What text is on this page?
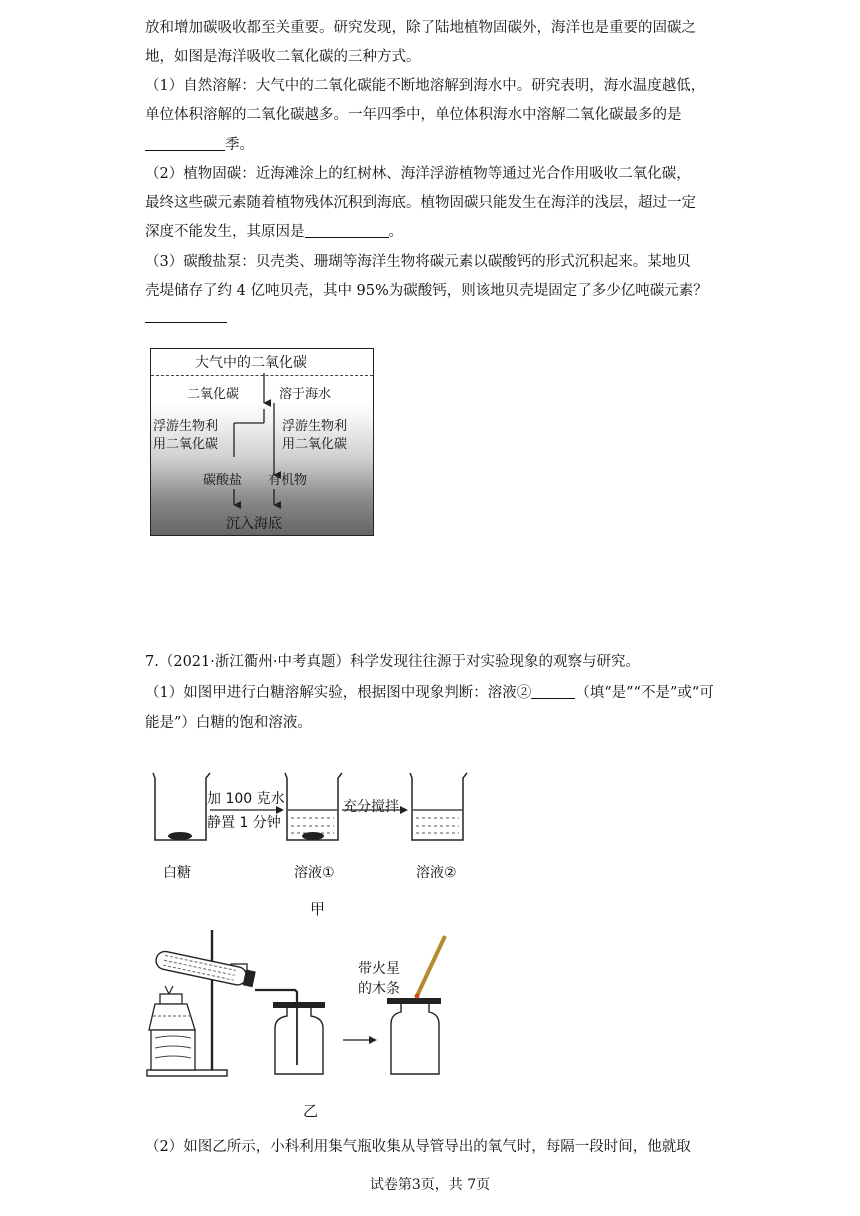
放和增加碳吸收都至关重要。研究发现，除了陆地植物固碳外，海洋也是重要的固碳之
地，如图是海洋吸收二氧化碳的三种方式。
（1）自然溶解：大气中的二氧化碳能不断地溶解到海水中。研究表明，海水温度越低，
单位体积溶解的二氧化碳越多。一年四季中，单位体积海水中溶解二氧化碳最多的是
季。
（2）植物固碳：近海滩涂上的红树林、海洋浮游植物等通过光合作用吸收二氧化碳，
最终这些碳元素随着植物残体沉积到海底。植物固碳只能发生在海洋的浅层，超过一定
深度不能发生，其原因是	。
（3）碳酸盐泵：贝壳类、珊瑚等海洋生物将碳元素以碳酸钙的形式沉积起来。某地贝
壳堤储存了约 4 亿吨贝壳，其中 95%为碳酸钙，则该地贝壳堤固定了多少亿吨碳元素？
大气中的二氧化碳
二氧化碳	溶于海水
浮游生物利
用二氧化碳
浮游生物利
用二氧化碳
碳酸盐 有机物
沉入海底
7.（2021·浙江衢州·中考真题）科学发现往往源于对实验现象的观察与研究。
（1）如图甲进行白糖溶解实验，根据图中现象判断：溶液②	（填“是”“不是”或“可
能是”）白糖的饱和溶液。
加 100 克水
静置 1 分钟
充分搅拌
白糖	溶液①	溶液②
甲
带火星
的木条
乙
（2）如图乙所示，小科利用集气瓶收集从导管导出的氧气时，每隔一段时间，他就取
试卷第3页，共 7页
